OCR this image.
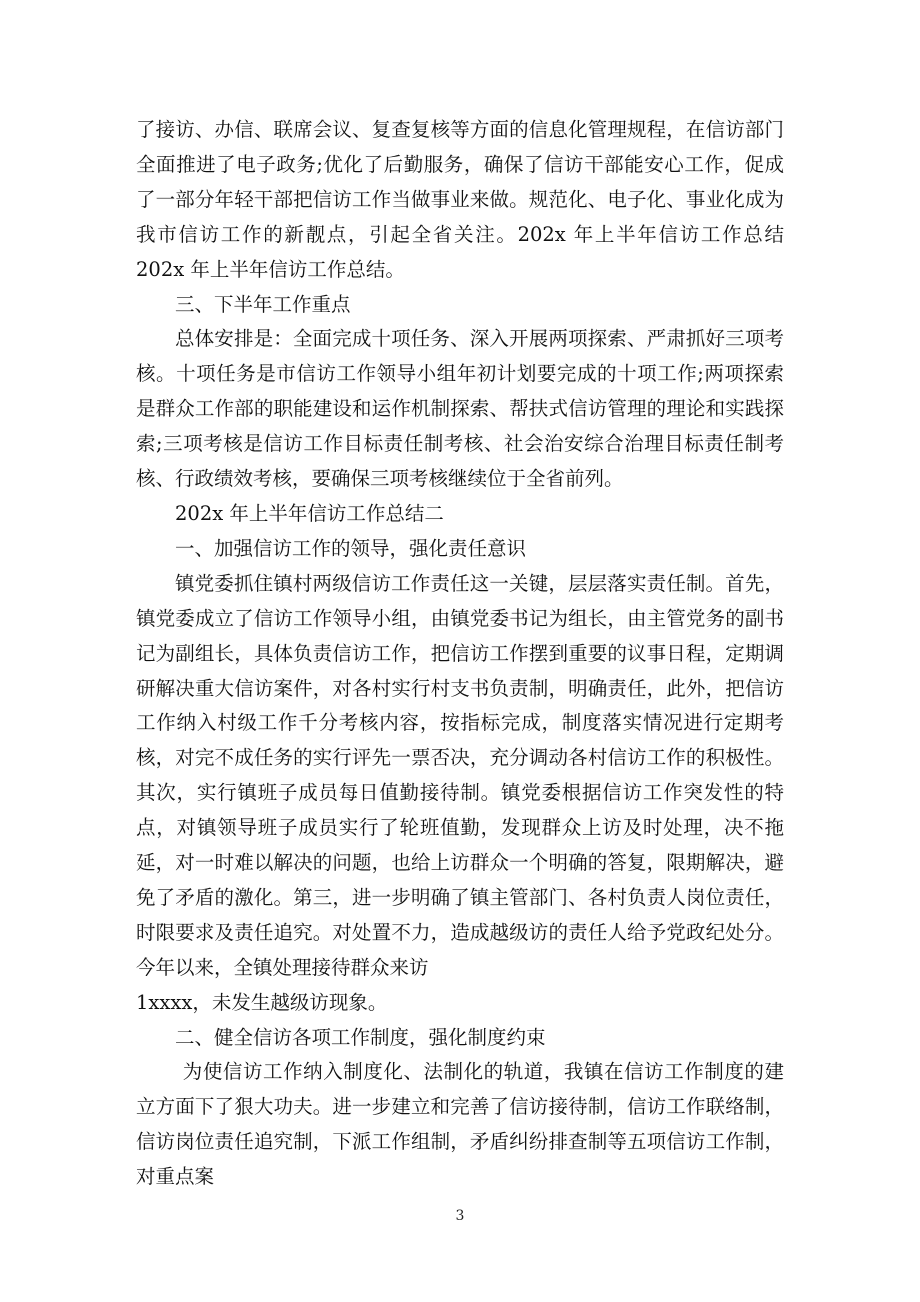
了接访、办信、联席会议、复查复核等方面的信息化管理规程，在信访部门全面推进了电子政务;优化了后勤服务，确保了信访干部能安心工作，促成了一部分年轻干部把信访工作当做事业来做。规范化、电子化、事业化成为我市信访工作的新靓点，引起全省关注。202x 年上半年信访工作总结 202x 年上半年信访工作总结。

三、下半年工作重点

总体安排是：全面完成十项任务、深入开展两项探索、严肃抓好三项考核。十项任务是市信访工作领导小组年初计划要完成的十项工作;两项探索是群众工作部的职能建设和运作机制探索、帮扶式信访管理的理论和实践探索;三项考核是信访工作目标责任制考核、社会治安综合治理目标责任制考核、行政绩效考核，要确保三项考核继续位于全省前列。

202x 年上半年信访工作总结二

一、加强信访工作的领导，强化责任意识

镇党委抓住镇村两级信访工作责任这一关键，层层落实责任制。首先，镇党委成立了信访工作领导小组，由镇党委书记为组长，由主管党务的副书记为副组长，具体负责信访工作，把信访工作摆到重要的议事日程，定期调研解决重大信访案件，对各村实行村支书负责制，明确责任，此外，把信访工作纳入村级工作千分考核内容，按指标完成，制度落实情况进行定期考核，对完不成任务的实行评先一票否决，充分调动各村信访工作的积极性。其次，实行镇班子成员每日值勤接待制。镇党委根据信访工作突发性的特点，对镇领导班子成员实行了轮班值勤，发现群众上访及时处理，决不拖延，对一时难以解决的问题，也给上访群众一个明确的答复，限期解决，避免了矛盾的激化。第三，进一步明确了镇主管部门、各村负责人岗位责任，时限要求及责任追究。对处置不力，造成越级访的责任人给予党政纪处分。今年以来，全镇处理接待群众来访

1xxxx，未发生越级访现象。

二、健全信访各项工作制度，强化制度约束

为使信访工作纳入制度化、法制化的轨道，我镇在信访工作制度的建立方面下了狠大功夫。进一步建立和完善了信访接待制，信访工作联络制，信访岗位责任追究制，下派工作组制，矛盾纠纷排查制等五项信访工作制，对重点案

3
